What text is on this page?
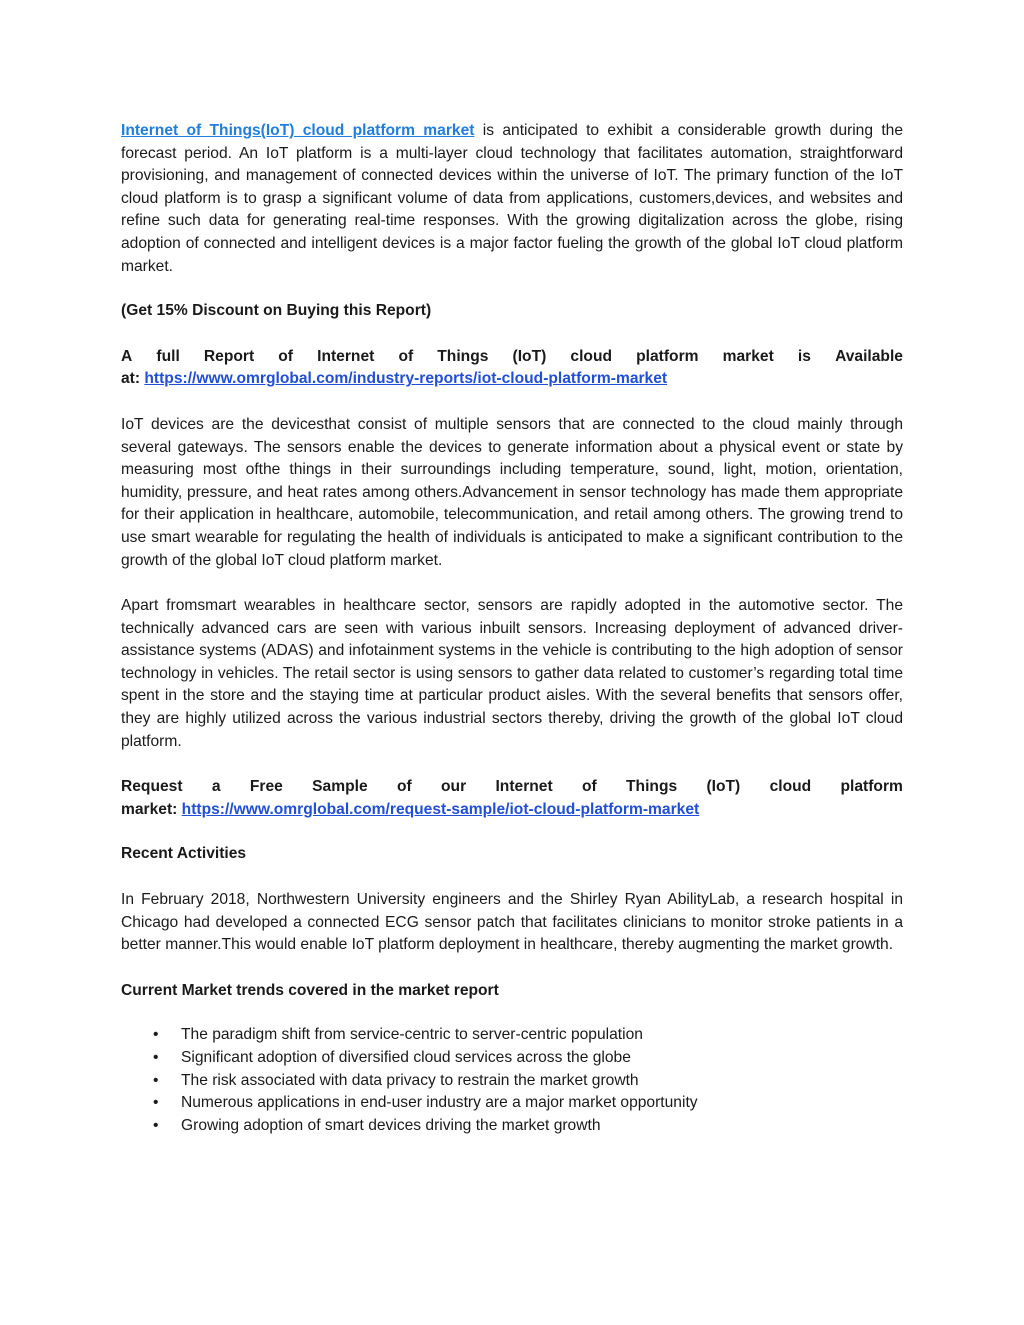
Internet of Things(IoT) cloud platform market is anticipated to exhibit a considerable growth during the forecast period. An IoT platform is a multi-layer cloud technology that facilitates automation, straightforward provisioning, and management of connected devices within the universe of IoT. The primary function of the IoT cloud platform is to grasp a significant volume of data from applications, customers,devices, and websites and refine such data for generating real-time responses. With the growing digitalization across the globe, rising adoption of connected and intelligent devices is a major factor fueling the growth of the global IoT cloud platform market.

(Get 15% Discount on Buying this Report)

A full Report of Internet of Things (IoT) cloud platform market is Available

at: https://www.omrglobal.com/industry-reports/iot-cloud-platform-market

IoT devices are the devicesthat consist of multiple sensors that are connected to the cloud mainly through several gateways. The sensors enable the devices to generate information about a physical event or state by measuring most ofthe things in their surroundings including temperature, sound, light, motion, orientation, humidity, pressure, and heat rates among others.Advancement in sensor technology has made them appropriate for their application in healthcare, automobile, telecommunication, and retail among others. The growing trend to use smart wearable for regulating the health of individuals is anticipated to make a significant contribution to the growth of the global IoT cloud platform market.

Apart fromsmart wearables in healthcare sector, sensors are rapidly adopted in the automotive sector. The technically advanced cars are seen with various inbuilt sensors. Increasing deployment of advanced driver-assistance systems (ADAS) and infotainment systems in the vehicle is contributing to the high adoption of sensor technology in vehicles. The retail sector is using sensors to gather data related to customer’s regarding total time spent in the store and the staying time at particular product aisles. With the several benefits that sensors offer, they are highly utilized across the various industrial sectors thereby, driving the growth of the global IoT cloud platform.

Request a Free Sample of our Internet of Things (IoT) cloud platform

market: https://www.omrglobal.com/request-sample/iot-cloud-platform-market

Recent Activities

In February 2018, Northwestern University engineers and the Shirley Ryan AbilityLab, a research hospital in Chicago had developed a connected ECG sensor patch that facilitates clinicians to monitor stroke patients in a better manner.This would enable IoT platform deployment in healthcare, thereby augmenting the market growth.

Current Market trends covered in the market report

• The paradigm shift from service-centric to server-centric population
• Significant adoption of diversified cloud services across the globe
• The risk associated with data privacy to restrain the market growth
• Numerous applications in end-user industry are a major market opportunity
• Growing adoption of smart devices driving the market growth
